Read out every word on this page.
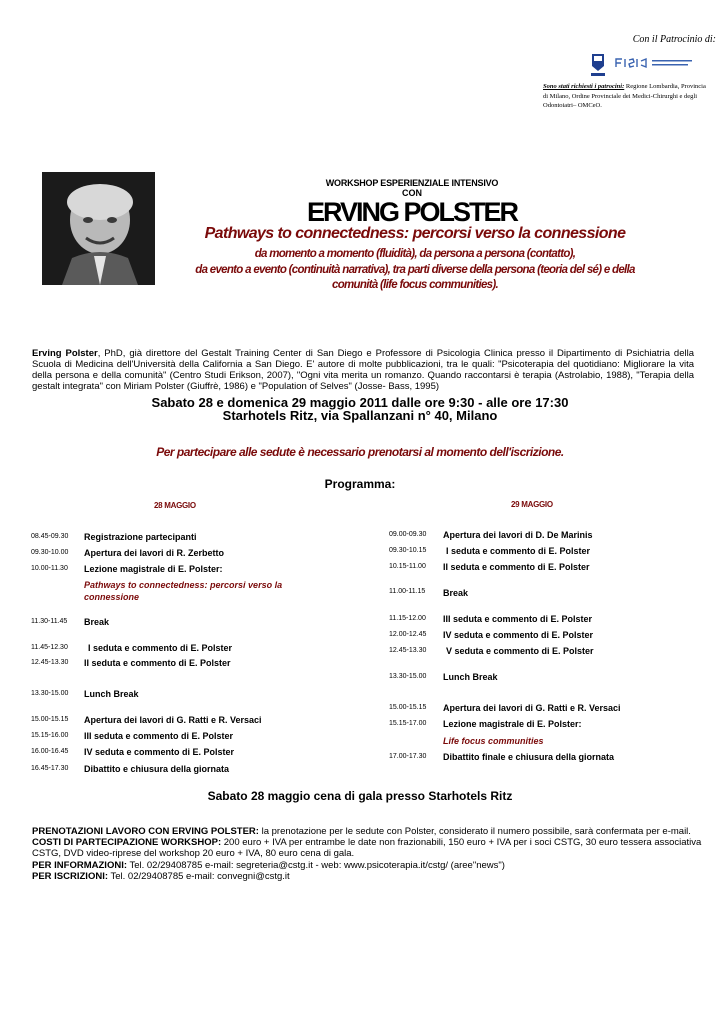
Con il Patrocinio di:
Sono stati richiesti i patrocini: Regione Lombardia, Provincia di Milano, Ordine Provinciale dei Medici-Chirurghi e degli Odontoiatri– OMCeO.
WORKSHOP ESPERIENZIALE INTENSIVO
CON
ERVING POLSTER
Pathways to connectedness: percorsi verso la connessione
da momento a momento (fluidità), da persona a persona (contatto),
da evento a evento (continuità narrativa), tra parti diverse della persona (teoria del sé) e della
comunità (life focus communities).
Erving Polster, PhD, già direttore del Gestalt Training Center di San Diego e Professore di Psicologia Clinica presso il Dipartimento di Psichiatria della Scuola di Medicina dell'Università della California a San Diego. E' autore di molte pubblicazioni, tra le quali: "Psicoterapia del quotidiano: Migliorare la vita della persona e della comunità" (Centro Studi Erikson, 2007), "Ogni vita merita un romanzo. Quando raccontarsi è terapia (Astrolabio, 1988), "Terapia della gestalt integrata" con Miriam Polster (Giuffrè, 1986) e "Population of Selves" (Josse- Bass, 1995)
Sabato 28 e domenica 29 maggio 2011 dalle ore 9:30 - alle ore 17:30
Starhotels Ritz, via Spallanzani n° 40, Milano
Per partecipare alle sedute è necessario prenotarsi al momento dell'iscrizione.
Programma:
28 MAGGIO
08.45-09.30 Registrazione partecipanti
09.30-10.00 Apertura dei lavori di R. Zerbetto
10.00-11.30 Lezione magistrale di E. Polster:
Pathways to connectedness: percorsi verso la connessione
11.30-11.45 Break
11.45-12.30 I seduta e commento di E. Polster
12.45-13.30 II seduta e commento di E. Polster
13.30-15.00 Lunch Break
15.00-15.15 Apertura dei lavori di G. Ratti e R. Versaci
15.15-16.00 III seduta e commento di E. Polster
16.00-16.45 IV seduta e commento di E. Polster
16.45-17.30 Dibattito e chiusura della giornata
29 MAGGIO
09.00-09.30 Apertura dei lavori di D. De Marinis
09.30-10.15 I seduta e commento di E. Polster
10.15-11.00 II seduta e commento di E. Polster
11.00-11.15 Break
11.15-12.00 III seduta e commento di E. Polster
12.00-12.45 IV seduta e commento di E. Polster
12.45-13.30 V seduta e commento di E. Polster
13.30-15.00 Lunch Break
15.00-15.15 Apertura dei lavori di G. Ratti e R. Versaci
15.15-17.00 Lezione magistrale di E. Polster:
Life focus communities
17.00-17.30 Dibattito finale e chiusura della giornata
Sabato 28 maggio cena di gala presso Starhotels Ritz
PRENOTAZIONI LAVORO CON ERVING POLSTER: la prenotazione per le sedute con Polster, considerato il numero possibile, sarà confermata per e-mail.
COSTI DI PARTECIPAZIONE WORKSHOP: 200 euro + IVA per entrambe le date non frazionabili, 150 euro + IVA per i soci CSTG, 30 euro tessera associativa
CSTG, DVD video-riprese del workshop 20 euro + IVA, 80 euro cena di gala.
PER INFORMAZIONI: Tel. 02/29408785 e-mail: segreteria@cstg.it - web: www.psicoterapia.it/cstg/ (aree"news")
PER ISCRIZIONI: Tel. 02/29408785 e-mail: convegni@cstg.it
